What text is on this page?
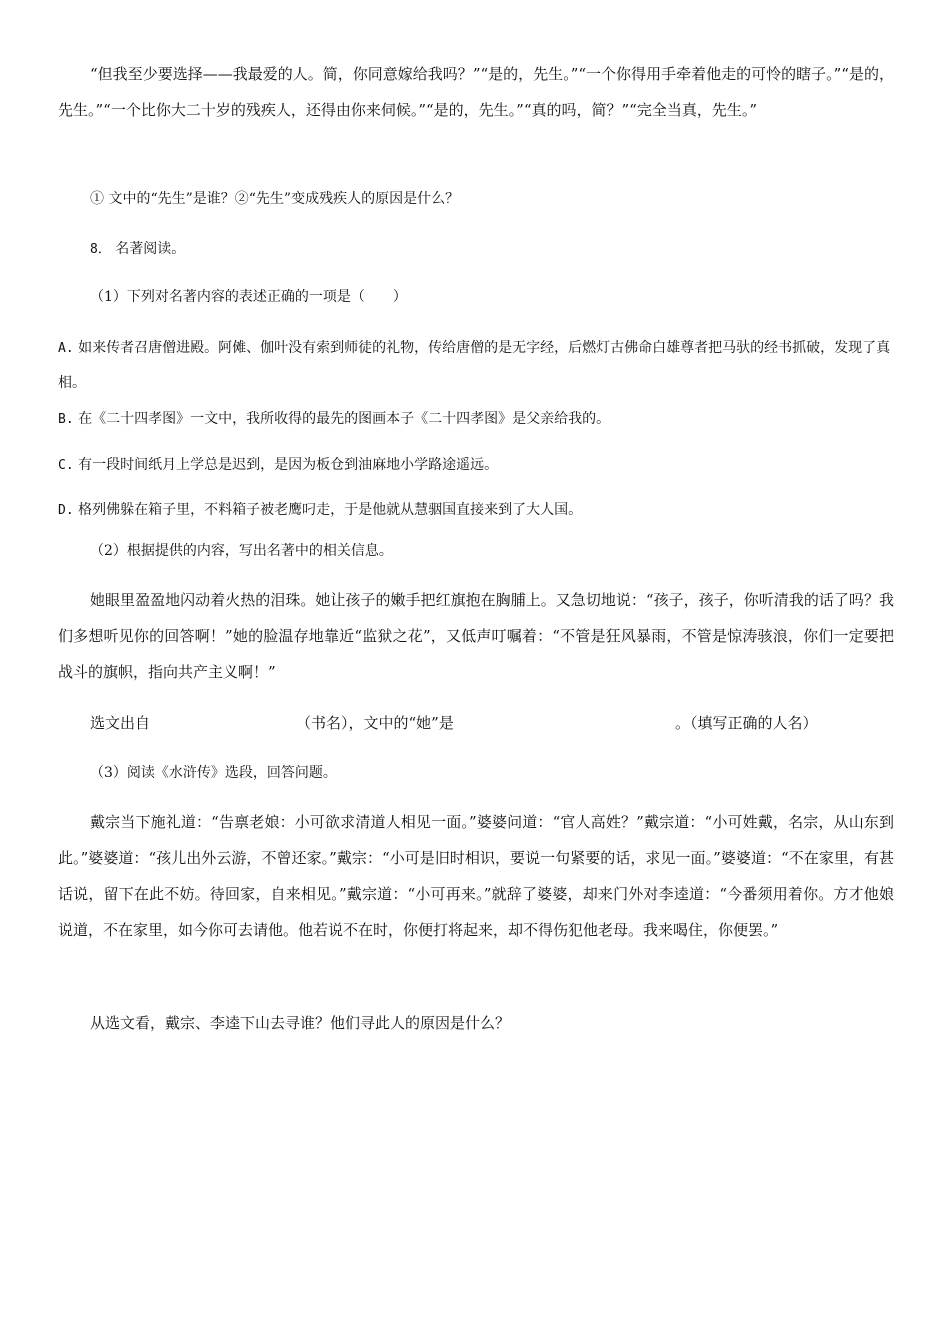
“但我至少要选择——我最爱的人。简，你同意嫁给我吗？”“是的，先生。”“一个你得用手牵着他走的可怜的瞎子。”“是的，先生。”“一个比你大二十岁的残疾人，还得由你来伺候。”“是的，先生。”“真的吗，简？”“完全当真，先生。”

① 文中的“先生”是谁？②“先生”变成残疾人的原因是什么？

8． 名著阅读。

（1）下列对名著内容的表述正确的一项是（　　）

A. 如来传者召唐僧进殿。阿傩、伽叶没有索到师徒的礼物，传给唐僧的是无字经，后燃灯古佛命白雄尊者把马驮的经书抓破，发现了真相。

B. 在《二十四孝图》一文中，我所收得的最先的图画本子《二十四孝图》是父亲给我的。

C. 有一段时间纸月上学总是迟到，是因为板仓到油麻地小学路途遥远。

D. 格列佛躲在箱子里，不料箱子被老鹰叼走，于是他就从慧骃国直接来到了大人国。

（2）根据提供的内容，写出名著中的相关信息。

她眼里盈盈地闪动着火热的泪珠。她让孩子的嫩手把红旗抱在胸脯上。又急切地说：“孩子，孩子，你听清我的话了吗？我们多想听见你的回答啊！”她的脸温存地靠近“监狱之花”，又低声叮嘱着：“不管是狂风暴雨，不管是惊涛骇浪，你们一定要把战斗的旗帜，指向共产主义啊！”

选文出自	（书名），文中的“她”是	。（填写正确的人名）

（3）阅读《水浒传》选段，回答问题。

戴宗当下施礼道：“告禀老娘：小可欲求清道人相见一面。”婆婆问道：“官人高姓？”戴宗道：“小可姓戴，名宗，从山东到此。”婆婆道：“孩儿出外云游，不曾还家。”戴宗：“小可是旧时相识，要说一句紧要的话，求见一面。”婆婆道：“不在家里，有甚话说，留下在此不妨。待回家，自来相见。”戴宗道：“小可再来。”就辞了婆婆，却来门外对李逵道：“今番须用着你。方才他娘说道，不在家里，如今你可去请他。他若说不在时，你便打将起来，却不得伤犯他老母。我来喝住，你便罢。”

从选文看，戴宗、李逵下山去寻谁？他们寻此人的原因是什么？
